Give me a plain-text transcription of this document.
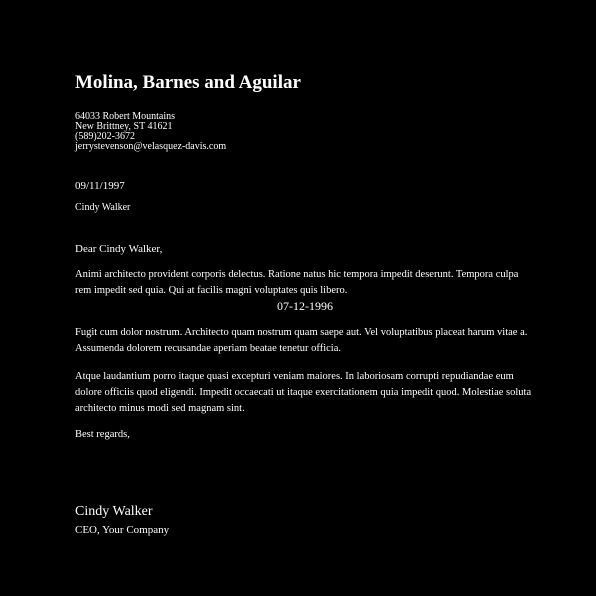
Molina, Barnes and Aguilar
64033 Robert Mountains
New Brittney, ST 41621
(589)202-3672
jerrystevenson@velasquez-davis.com
09/11/1997
Cindy Walker
Dear Cindy Walker,

Animi architecto provident corporis delectus. Ratione natus hic tempora impedit deserunt. Tempora culpa rem impedit sed quia. Qui at facilis magni voluptates quis libero.

07-12-1996

Fugit cum dolor nostrum. Architecto quam nostrum quam saepe aut. Vel voluptatibus placeat harum vitae a. Assumenda dolorem recusandae aperiam beatae tenetur officia.

Atque laudantium porro itaque quasi excepturi veniam maiores. In laboriosam corrupti repudiandae eum dolore officiis quod eligendi. Impedit occaecati ut itaque exercitationem quia impedit quod. Molestiae soluta architecto minus modi sed magnam sint.

Best regards,
Cindy Walker
CEO, Your Company
